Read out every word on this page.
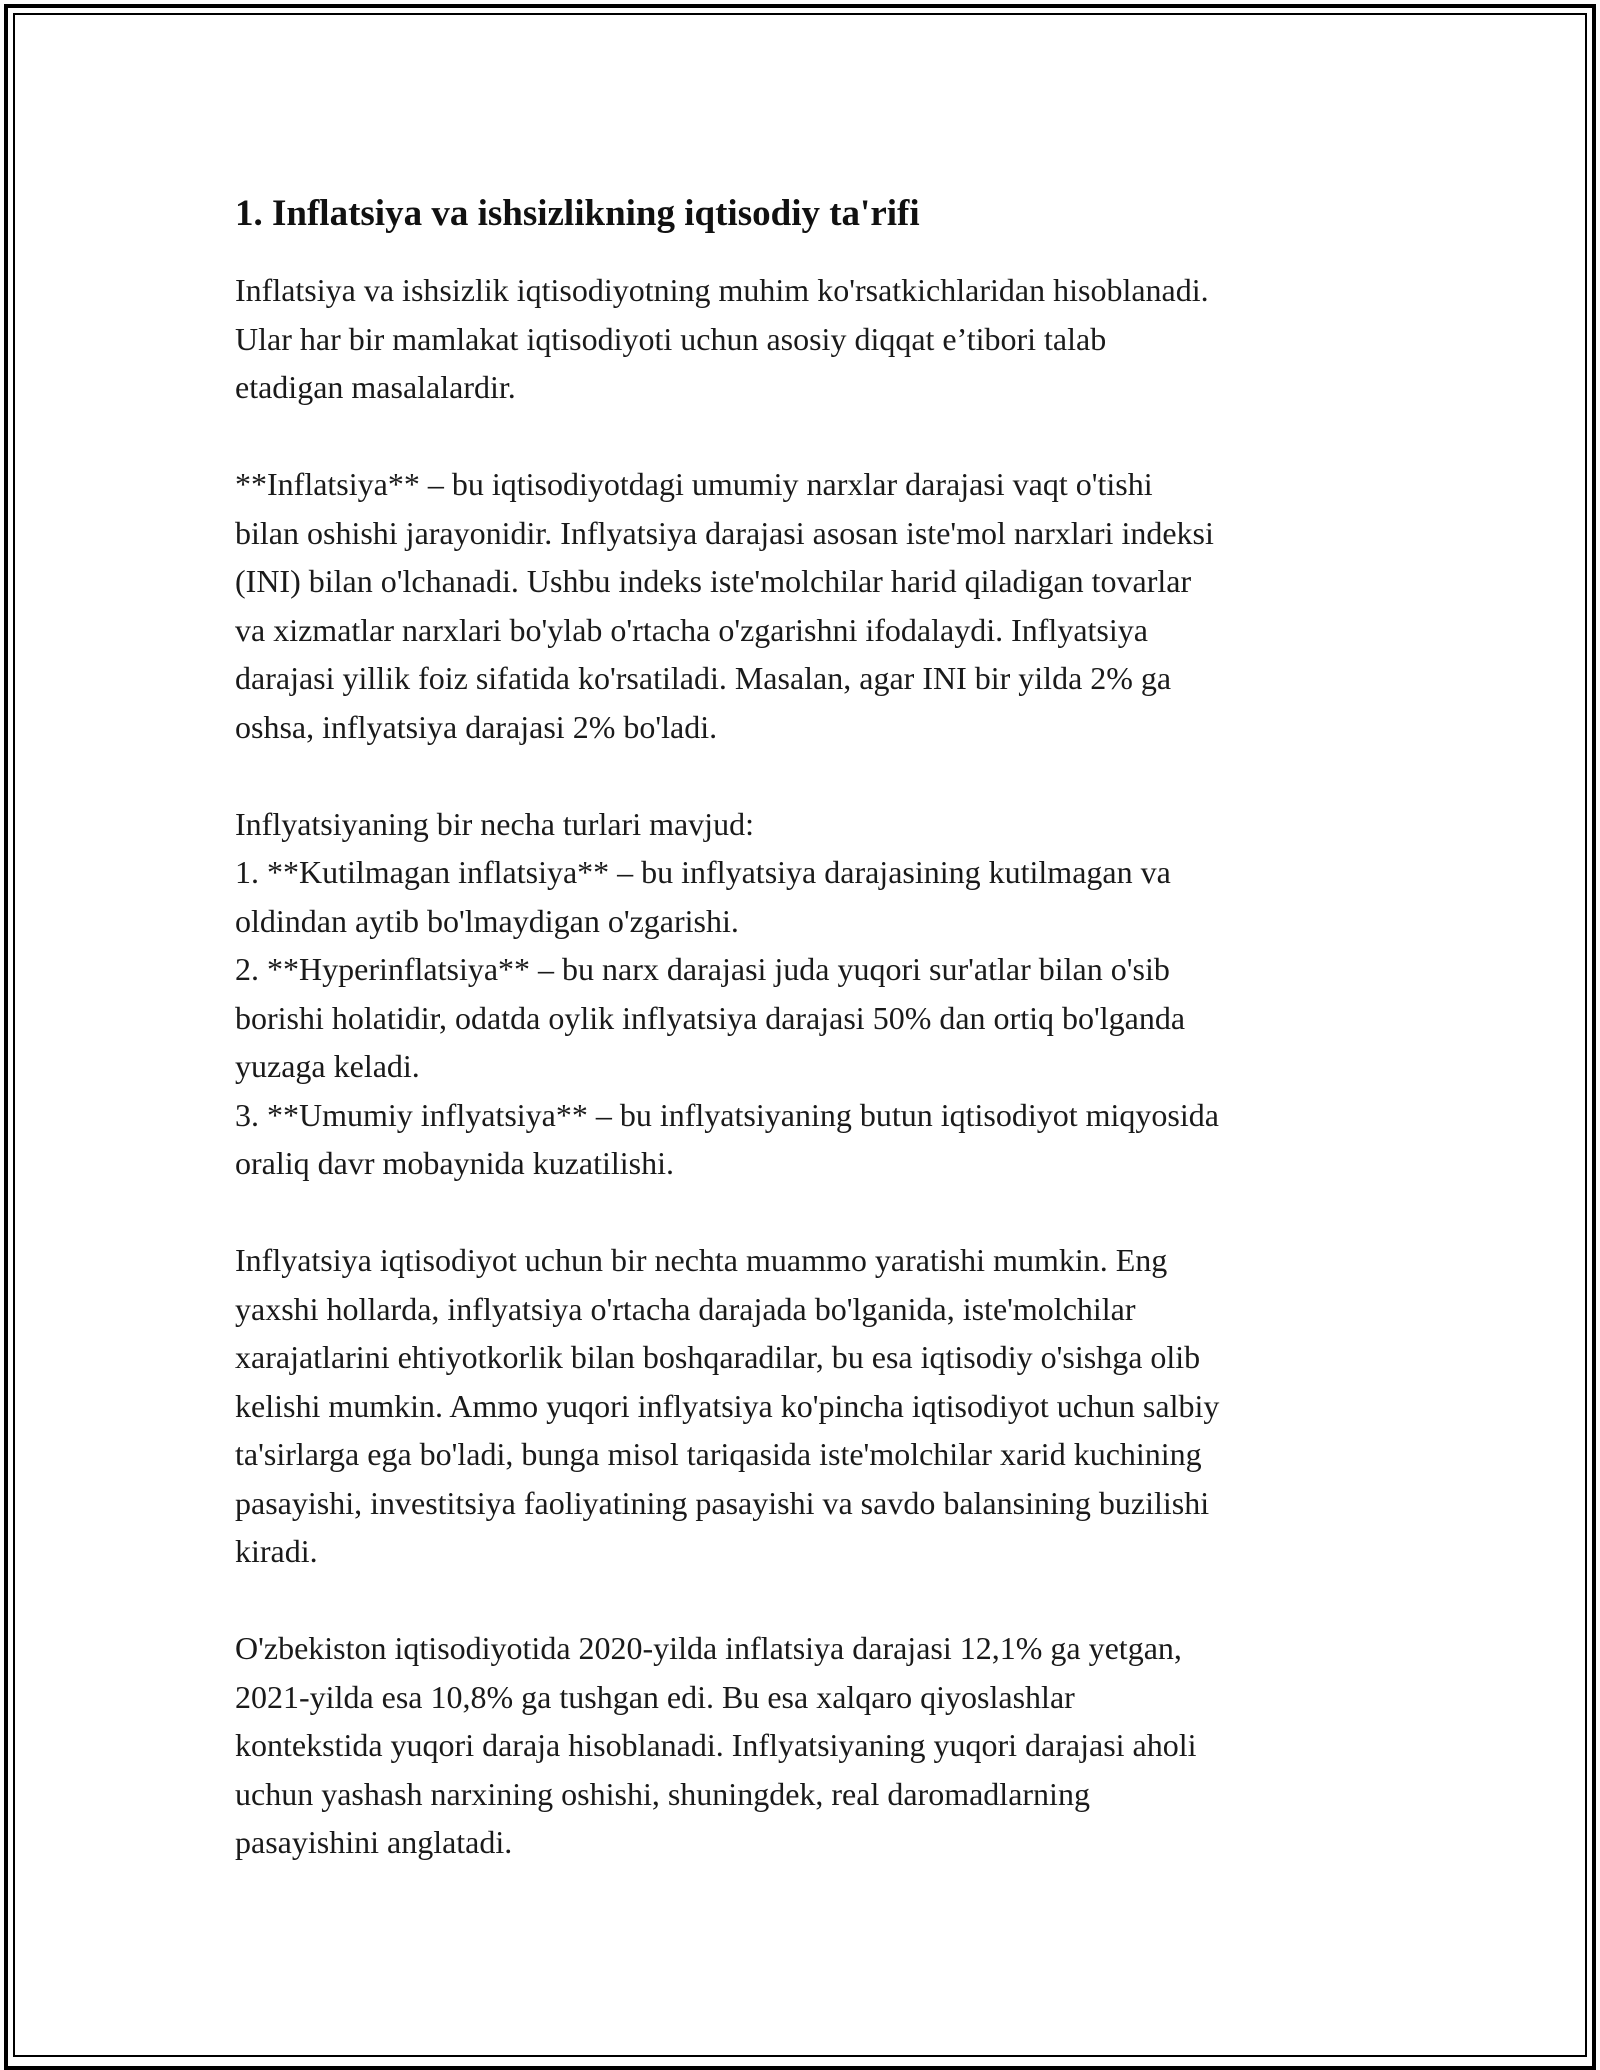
1. Inflatsiya va ishsizlikning iqtisodiy ta'rifi

Inflatsiya va ishsizlik iqtisodiyotning muhim ko'rsatkichlaridan hisoblanadi.
Ular har bir mamlakat iqtisodiyoti uchun asosiy diqqat e’tibori talab
etadigan masalalardir.

**Inflatsiya** – bu iqtisodiyotdagi umumiy narxlar darajasi vaqt o'tishi
bilan oshishi jarayonidir. Inflyatsiya darajasi asosan iste'mol narxlari indeksi
(INI) bilan o'lchanadi. Ushbu indeks iste'molchilar harid qiladigan tovarlar
va xizmatlar narxlari bo'ylab o'rtacha o'zgarishni ifodalaydi. Inflyatsiya
darajasi yillik foiz sifatida ko'rsatiladi. Masalan, agar INI bir yilda 2% ga
oshsa, inflyatsiya darajasi 2% bo'ladi.

Inflyatsiyaning bir necha turlari mavjud:
1. **Kutilmagan inflatsiya** – bu inflyatsiya darajasining kutilmagan va
oldindan aytib bo'lmaydigan o'zgarishi.
2. **Hyperinflatsiya** – bu narx darajasi juda yuqori sur'atlar bilan o'sib
borishi holatidir, odatda oylik inflyatsiya darajasi 50% dan ortiq bo'lganda
yuzaga keladi.
3. **Umumiy inflyatsiya** – bu inflyatsiyaning butun iqtisodiyot miqyosida
oraliq davr mobaynida kuzatilishi.

Inflyatsiya iqtisodiyot uchun bir nechta muammo yaratishi mumkin. Eng
yaxshi hollarda, inflyatsiya o'rtacha darajada bo'lganida, iste'molchilar
xarajatlarini ehtiyotkorlik bilan boshqaradilar, bu esa iqtisodiy o'sishga olib
kelishi mumkin. Ammo yuqori inflyatsiya ko'pincha iqtisodiyot uchun salbiy
ta'sirlarga ega bo'ladi, bunga misol tariqasida iste'molchilar xarid kuchining
pasayishi, investitsiya faoliyatining pasayishi va savdo balansining buzilishi
kiradi.

O'zbekiston iqtisodiyotida 2020-yilda inflatsiya darajasi 12,1% ga yetgan,
2021-yilda esa 10,8% ga tushgan edi. Bu esa xalqaro qiyoslashlar
kontekstida yuqori daraja hisoblanadi. Inflyatsiyaning yuqori darajasi aholi
uchun yashash narxining oshishi, shuningdek, real daromadlarning
pasayishini anglatadi.
